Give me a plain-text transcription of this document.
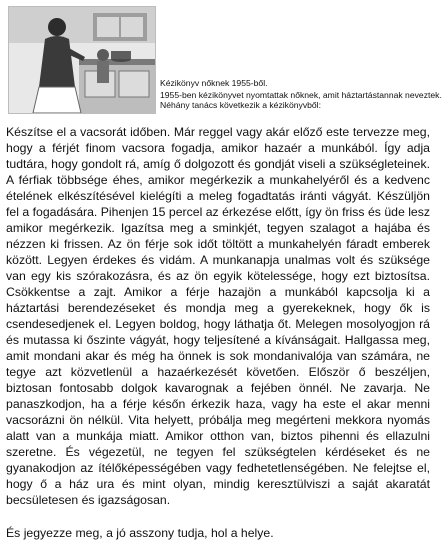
Kézikönyv nőknek 1955-ből.

1955-ben kézikönyvet nyomtattak nőknek, amit háztartástannak neveztek. Néhány tanács következik a kézikönyvből:

Készítse el a vacsorát időben. Már reggel vagy akár előző este tervezze meg, hogy a férjét finom vacsora fogadja, amikor hazaér a munkából. Így adja tudtára, hogy gondolt rá, amíg ő dolgozott és gondját viseli a szükségleteinek. A férfiak többsége éhes, amikor megérkezik a munkahelyéről és a kedvenc ételének elkészítésével kielégíti a meleg fogadtatás iránti vágyát. Készüljön fel a fogadására. Pihenjen 15 percel az érkezése előtt, így ön friss és üde lesz amikor megérkezik. Igazítsa meg a sminkjét, tegyen szalagot a hajába és nézzen ki frissen. Az ön férje sok időt töltött a munkahelyén fáradt emberek között. Legyen érdekes és vidám. A munkanapja unalmas volt és szüksége van egy kis szórakozásra, és az ön egyik kötelessége, hogy ezt biztosítsa. Csökkentse a zajt. Amikor a férje hazajön a munkából kapcsolja ki a háztartási berendezéseket és mondja meg a gyerekeknek, hogy ők is csendesedjenek el. Legyen boldog, hogy láthatja őt. Melegen mosolyogjon rá és mutassa ki őszinte vágyát, hogy teljesítené a kívánságait. Hallgassa meg, amit mondani akar és még ha önnek is sok mondanivalója van számára, ne tegye azt közvetlenül a hazaérkezését követően. Először ő beszéljen, biztosan fontosabb dolgok kavarognak a fejében önnél. Ne zavarja. Ne panaszkodjon, ha a férje későn érkezik haza, vagy ha este el akar menni vacsorázni ön nélkül. Vita helyett, próbálja meg megérteni mekkora nyomás alatt van a munkája miatt. Amikor otthon van, biztos pihenni és ellazulni szeretne. És végezetül, ne tegyen fel szükségtelen kérdéseket és ne gyanakodjon az ítélőképességében vagy fedhetetlenségében. Ne felejtse el, hogy ő a ház ura és mint olyan, mindig keresztülviszi a saját akaratát becsületesen és igazságosan.

És jegyezze meg, a jó asszony tudja, hol a helye.
